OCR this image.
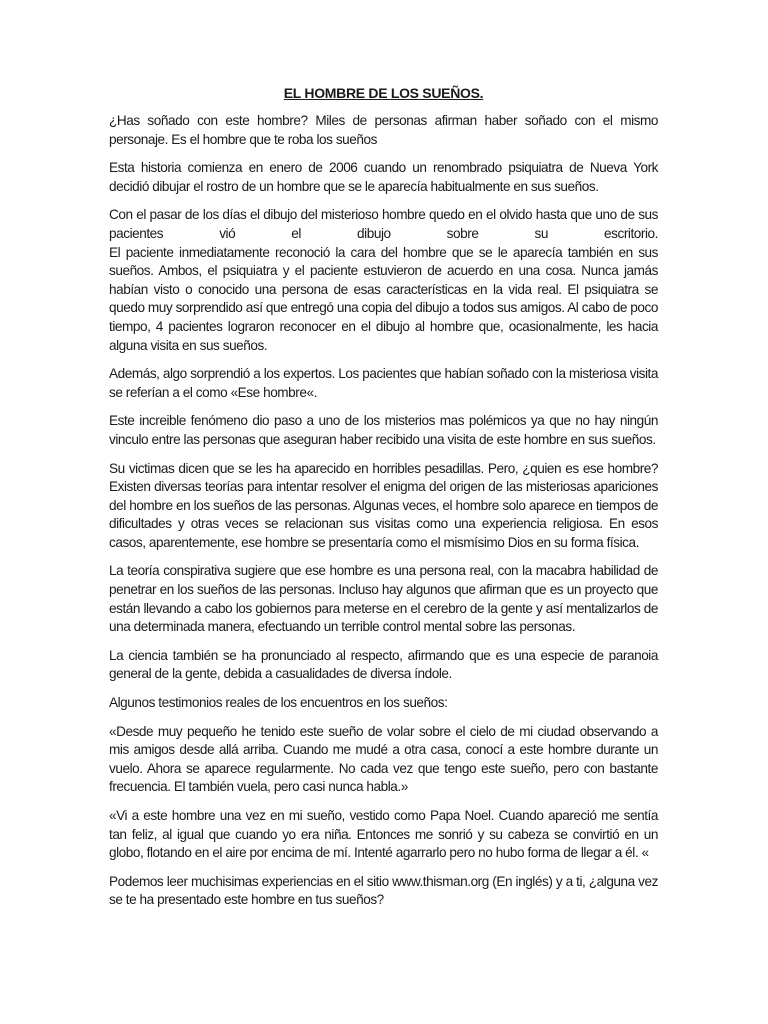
EL HOMBRE DE LOS SUEÑOS.

¿Has soñado con este hombre? Miles de personas afirman haber soñado con el mismo personaje. Es el hombre que te roba los sueños

Esta historia comienza en enero de 2006 cuando un renombrado psiquiatra de Nueva York decidió dibujar el rostro de un hombre que se le aparecía habitualmente en sus sueños.

Con el pasar de los días el dibujo del misterioso hombre quedo en el olvido hasta que uno de sus pacientes vió el dibujo sobre su escritorio.
El paciente inmediatamente reconoció la cara del hombre que se le aparecía también en sus sueños. Ambos, el psiquiatra y el paciente estuvieron de acuerdo en una cosa. Nunca jamás habían visto o conocido una persona de esas características en la vida real. El psiquiatra se quedo muy sorprendido así que entregó una copia del dibujo a todos sus amigos. Al cabo de poco tiempo, 4 pacientes lograron reconocer en el dibujo al hombre que, ocasionalmente, les hacia alguna visita en sus sueños.

Además, algo sorprendió a los expertos. Los pacientes que habían soñado con la misteriosa visita se referían a el como «Ese hombre«.

Este increible fenómeno dio paso a uno de los misterios mas polémicos ya que no hay ningún vinculo entre las personas que aseguran haber recibido una visita de este hombre en sus sueños.

Su victimas dicen que se les ha aparecido en horribles pesadillas. Pero, ¿quien es ese hombre? Existen diversas teorías para intentar resolver el enigma del origen de las misteriosas apariciones del hombre en los sueños de las personas. Algunas veces, el hombre solo aparece en tiempos de dificultades y otras veces se relacionan sus visitas como una experiencia religiosa. En esos casos, aparentemente, ese hombre se presentaría como el mismísimo Dios en su forma física.

La teoría conspirativa sugiere que ese hombre es una persona real, con la macabra habilidad de penetrar en los sueños de las personas. Incluso hay algunos que afirman que es un proyecto que están llevando a cabo los gobiernos para meterse en el cerebro de la gente y así mentalizarlos de una determinada manera, efectuando un terrible control mental sobre las personas.

La ciencia también se ha pronunciado al respecto, afirmando que es una especie de paranoia general de la gente, debida a casualidades de diversa índole.

Algunos testimonios reales de los encuentros en los sueños:

«Desde muy pequeño he tenido este sueño de volar sobre el cielo de mi ciudad observando a mis amigos desde allá arriba. Cuando me mudé a otra casa, conocí a este hombre durante un vuelo. Ahora se aparece regularmente. No cada vez que tengo este sueño, pero con bastante frecuencia. El también vuela, pero casi nunca habla.»

«Vi a este hombre una vez en mi sueño, vestido como Papa Noel. Cuando apareció me sentía tan feliz, al igual que cuando yo era niña. Entonces me sonrió y su cabeza se convirtió en un globo, flotando en el aire por encima de mí. Intenté agarrarlo pero no hubo forma de llegar a él. «

Podemos leer muchisimas experiencias en el sitio www.thisman.org (En inglés) y a ti, ¿alguna vez se te ha presentado este hombre en tus sueños?
